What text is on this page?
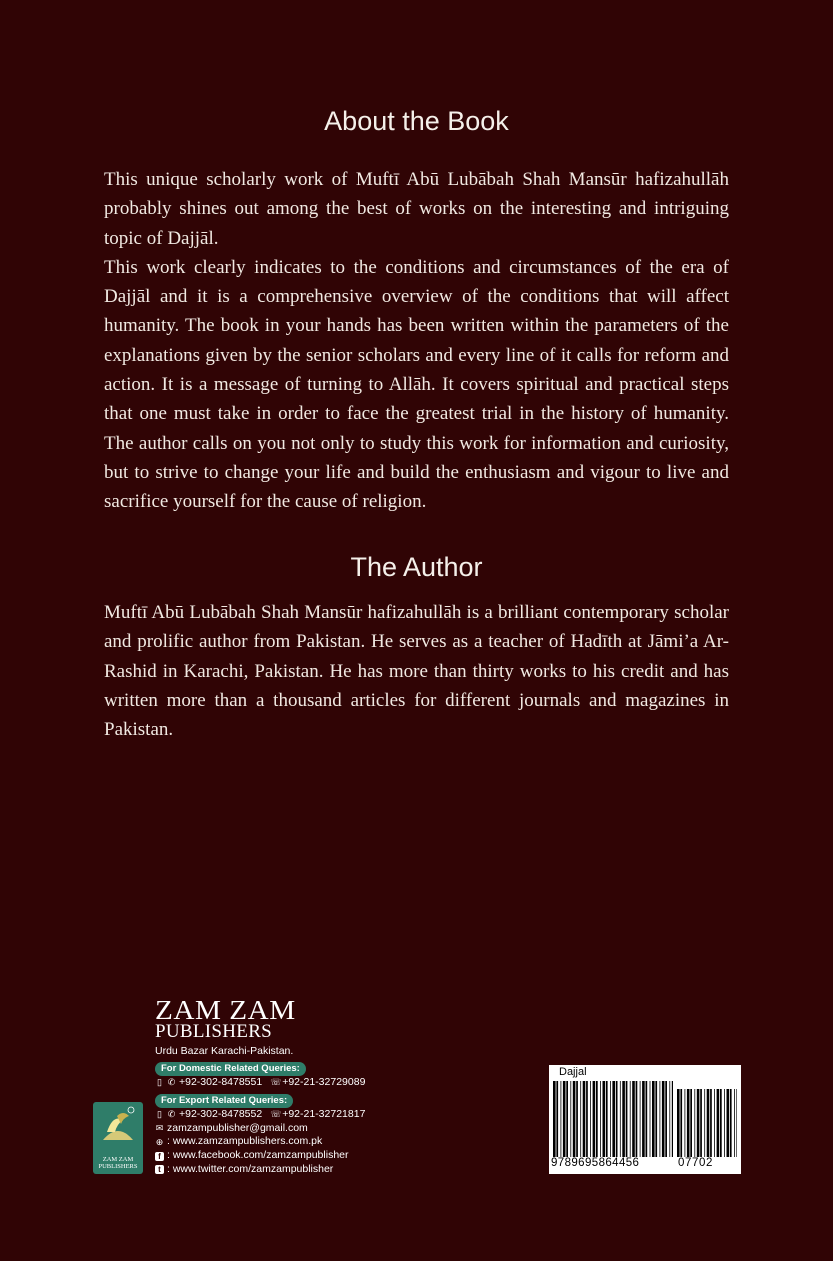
About the Book

This unique scholarly work of Muftī Abū Lubābah Shah Mansūr hafizahullāh probably shines out among the best of works on the interesting and intriguing topic of Dajjāl.

This work clearly indicates to the conditions and circumstances of the era of Dajjāl and it is a comprehensive overview of the conditions that will affect humanity. The book in your hands has been written within the parameters of the explanations given by the senior scholars and every line of it calls for reform and action. It is a message of turning to Allāh. It covers spiritual and practical steps that one must take in order to face the greatest trial in the history of humanity. The author calls on you not only to study this work for information and curiosity, but to strive to change your life and build the enthusiasm and vigour to live and sacrifice yourself for the cause of religion.

The Author

Muftī Abū Lubābah Shah Mansūr hafizahullāh is a brilliant contemporary scholar and prolific author from Pakistan. He serves as a teacher of Hadīth at Jāmi’a Ar-Rashid in Karachi, Pakistan. He has more than thirty works to his credit and has written more than a thousand articles for different journals and magazines in Pakistan.

ZAM ZAM
PUBLISHERS
ZAM ZAM
PUBLISHERS
Urdu Bazar Karachi-Pakistan.
For Domestic Related Queries:
▯ ✆ +92-302-8478551 ☏ +92-21-32729089
For Export Related Queries:
▯ ✆ +92-302-8478552 ☏ +92-21-32721817
✉ zamzampublisher@gmail.com
⊕ : www.zamzampublishers.com.pk
f : www.facebook.com/zamzampublisher
t : www.twitter.com/zamzampublisher
Dajjal
9789695864456	07702
